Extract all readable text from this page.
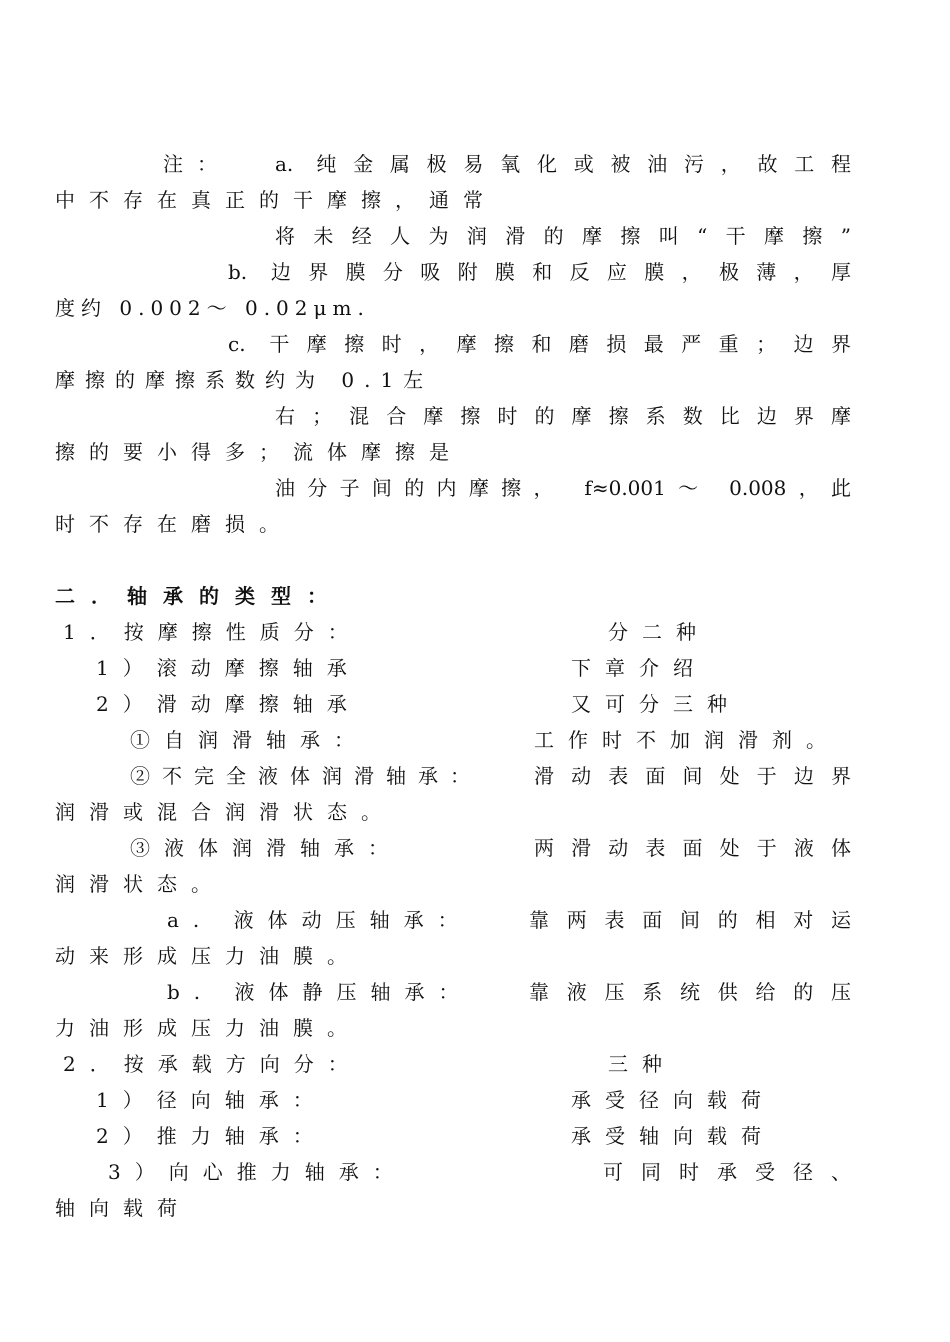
注： a. 纯金属极易氧化或被油污，故工程
中不存在真正的干摩擦，通常
将未经人为润滑的摩擦叫“干摩擦”
b. 边界膜分吸附膜和反应膜，极薄，厚
度约 0.002～ 0.02μm.
c. 干摩擦时，摩擦和磨损最严重；边界
摩擦的摩擦系数约为 0.1左
右；混合摩擦时的摩擦系数比边界摩
擦的要小得多；流体摩擦是
油分子间的内摩擦， f≈0.001～ 0.008，此
时不存在磨损。
二．轴承的类型：
1．按摩擦性质分：	分二种
1）滚动摩擦轴承	下章介绍
2）滑动摩擦轴承	又可分三种
①自润滑轴承：	工作时不加润滑剂。
②不完全液体润滑轴承：	滑动表面间处于边界
润滑或混合润滑状态。
③液体润滑轴承：	两滑动表面处于液体
润滑状态。
a. 液体动压轴承：	靠两表面间的相对运
动来形成压力油膜。
b. 液体静压轴承：	靠液压系统供给的压
力油形成压力油膜。
2．按承载方向分：	三种
1）径向轴承：	承受径向载荷
2）推力轴承：	承受轴向载荷
3）向心推力轴承：	可同时承受径、
轴向载荷
